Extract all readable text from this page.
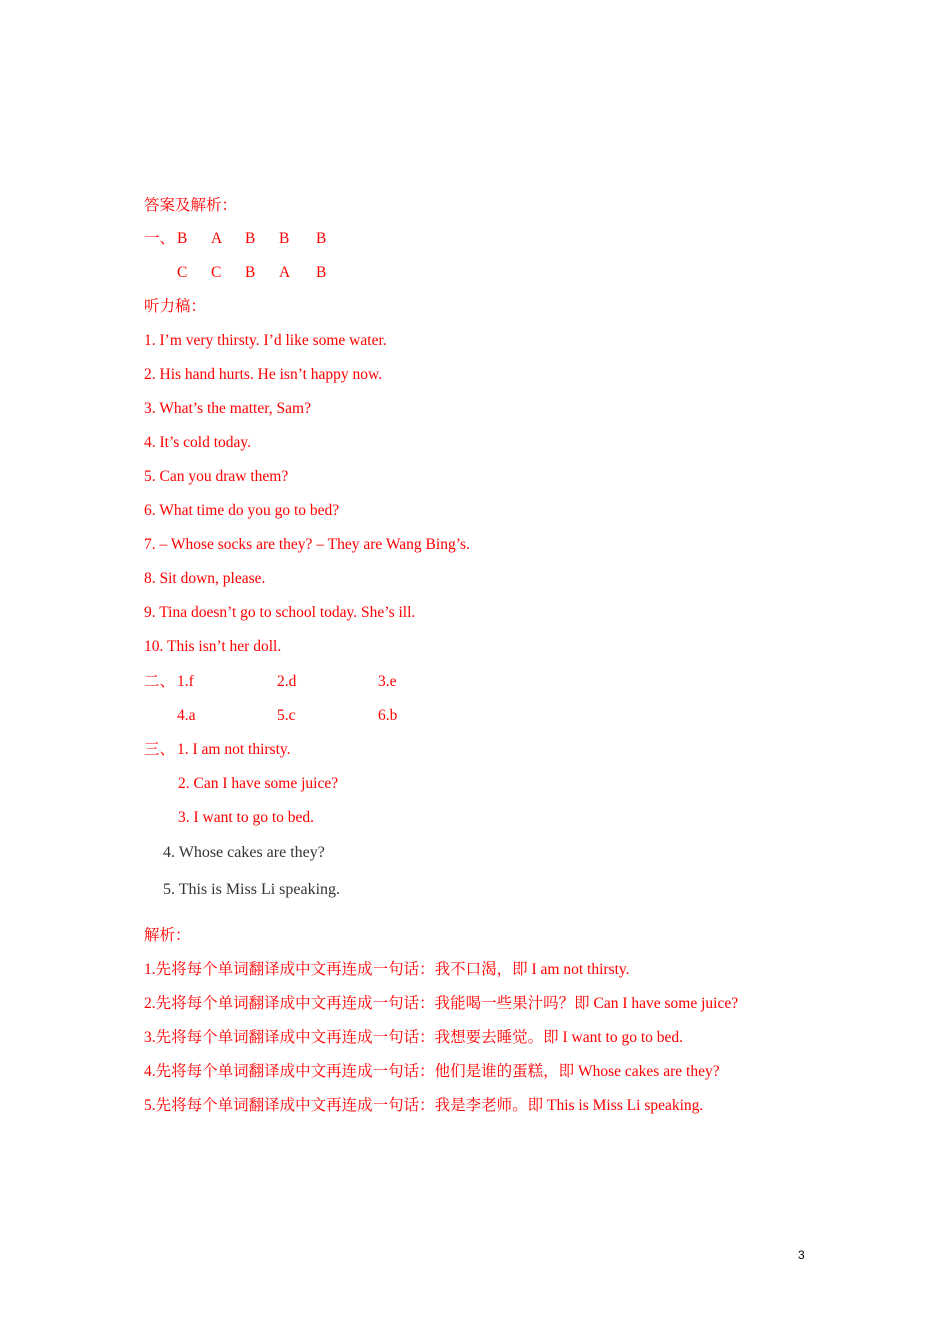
答案及解析：
一、 B A B B B
C C B A B
听力稿：
1. I’m very thirsty. I’d like some water.
2. His hand hurts. He isn’t happy now.
3. What’s the matter, Sam?
4. It’s cold today.
5. Can you draw them?
6. What time do you go to bed?
7. – Whose socks are they? – They are Wang Bing’s.
8. Sit down, please.
9. Tina doesn’t go to school today. She’s ill.
10. This isn’t her doll.
二、 1.f	2.d	3.e
4.a	5.c	6.b
三、 1. I am not thirsty.
2. Can I have some juice?
3. I want to go to bed.
4. Whose cakes are they?
5. This is Miss Li speaking.
解析：
1.先将每个单词翻译成中文再连成一句话：我不口渴，即 I am not thirsty.
2.先将每个单词翻译成中文再连成一句话：我能喝一些果汁吗？即 Can I have some juice?
3.先将每个单词翻译成中文再连成一句话：我想要去睡觉。即 I want to go to bed.
4.先将每个单词翻译成中文再连成一句话：他们是谁的蛋糕，即 Whose cakes are they?
5.先将每个单词翻译成中文再连成一句话：我是李老师。即 This is Miss Li speaking.
3
